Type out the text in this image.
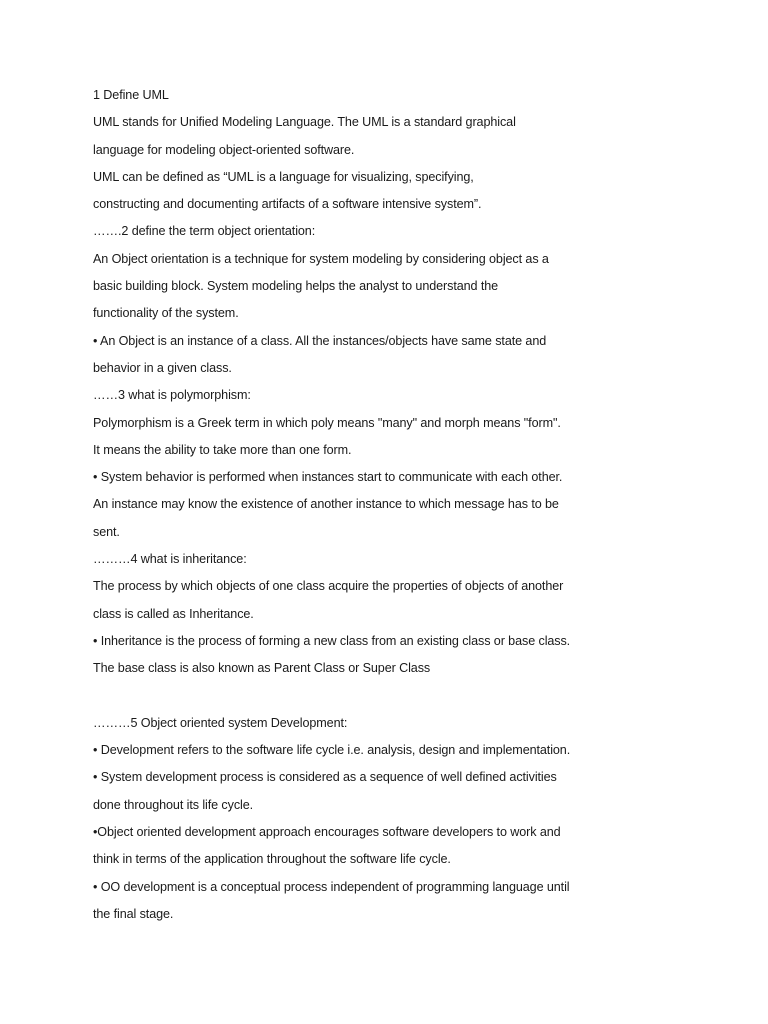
1 Define UML
UML stands for Unified Modeling Language. The UML is a standard graphical
language for modeling object-oriented software.
UML can be defined as “UML is a language for visualizing, specifying,
constructing and documenting artifacts of a software intensive system”.
…….2 define the term object orientation:
An Object orientation is a technique for system modeling by considering object as a
basic building block. System modeling helps the analyst to understand the
functionality of the system.
• An Object is an instance of a class. All the instances/objects have same state and
behavior in a given class.
……3 what is polymorphism:
Polymorphism is a Greek term in which poly means "many" and morph means "form".
It means the ability to take more than one form.
• System behavior is performed when instances start to communicate with each other.
An instance may know the existence of another instance to which message has to be
sent.
………4 what is inheritance:
The process by which objects of one class acquire the properties of objects of another
class is called as Inheritance.
• Inheritance is the process of forming a new class from an existing class or base class.
The base class is also known as Parent Class or Super Class
………5 Object oriented system Development:
• Development refers to the software life cycle i.e. analysis, design and implementation.
• System development process is considered as a sequence of well defined activities
done throughout its life cycle.
•Object oriented development approach encourages software developers to work and
think in terms of the application throughout the software life cycle.
• OO development is a conceptual process independent of programming language until
the final stage.
